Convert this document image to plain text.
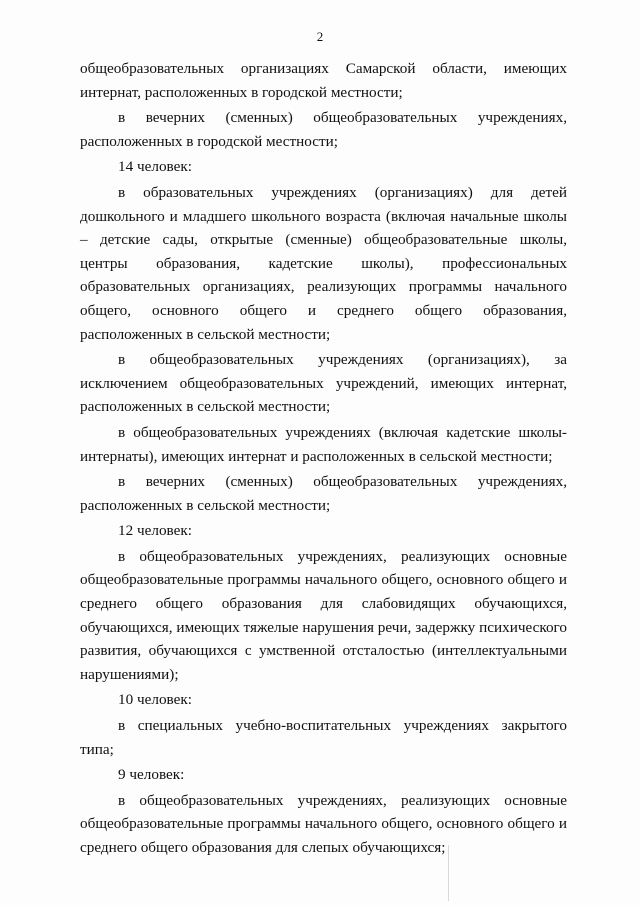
2

общеобразовательных организациях Самарской области, имеющих интернат, расположенных в городской местности;

в вечерних (сменных) общеобразовательных учреждениях, расположенных в городской местности;

14 человек:

в образовательных учреждениях (организациях) для детей дошкольного и младшего школьного возраста (включая начальные школы – детские сады, открытые (сменные) общеобразовательные школы, центры образования, кадетские школы), профессиональных образовательных организациях, реализующих программы начального общего, основного общего и среднего общего образования, расположенных в сельской местности;

в общеобразовательных учреждениях (организациях), за исключением общеобразовательных учреждений, имеющих интернат, расположенных в сельской местности;

в общеобразовательных учреждениях (включая кадетские школы-интернаты), имеющих интернат и расположенных в сельской местности;

в вечерних (сменных) общеобразовательных учреждениях, расположенных в сельской местности;

12 человек:

в общеобразовательных учреждениях, реализующих основные общеобразовательные программы начального общего, основного общего и среднего общего образования для слабовидящих обучающихся, обучающихся, имеющих тяжелые нарушения речи, задержку психического развития, обучающихся с умственной отсталостью (интеллектуальными нарушениями);

10 человек:

в специальных учебно-воспитательных учреждениях закрытого типа;

9 человек:

в общеобразовательных учреждениях, реализующих основные общеобразовательные программы начального общего, основного общего и среднего общего образования для слепых обучающихся;
